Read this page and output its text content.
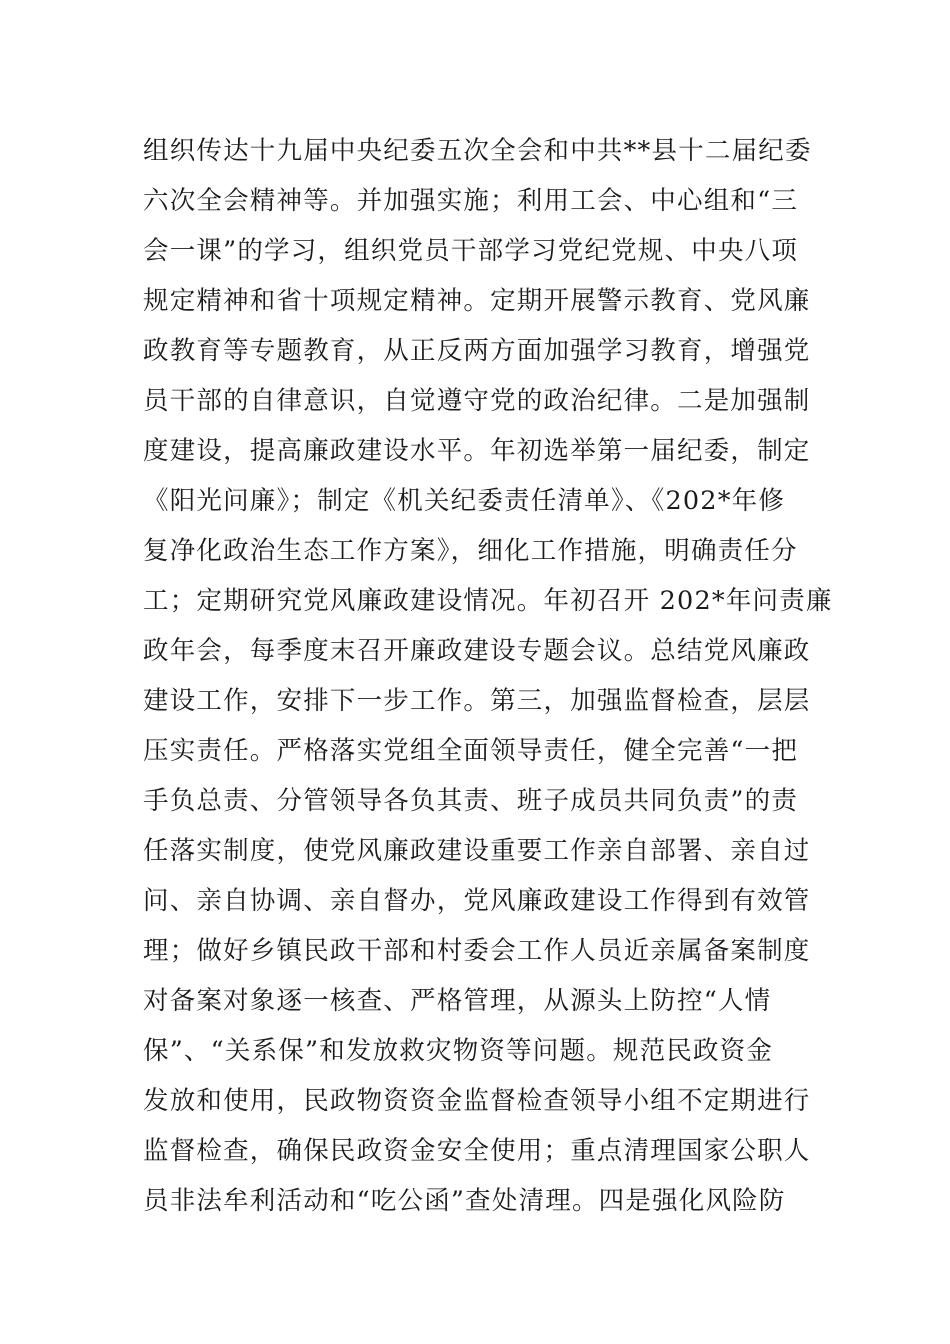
组织传达十九届中央纪委五次全会和中共**县十二届纪委
六次全会精神等。并加强实施；利用工会、中心组和“三
会一课”的学习，组织党员干部学习党纪党规、中央八项
规定精神和省十项规定精神。定期开展警示教育、党风廉
政教育等专题教育，从正反两方面加强学习教育，增强党
员干部的自律意识，自觉遵守党的政治纪律。二是加强制
度建设，提高廉政建设水平。年初选举第一届纪委，制定
《阳光问廉》；制定《机关纪委责任清单》、《202*年修
复净化政治生态工作方案》，细化工作措施，明确责任分
工；定期研究党风廉政建设情况。年初召开 202*年问责廉
政年会，每季度末召开廉政建设专题会议。总结党风廉政
建设工作，安排下一步工作。第三，加强监督检查，层层
压实责任。严格落实党组全面领导责任，健全完善“一把
手负总责、分管领导各负其责、班子成员共同负责”的责
任落实制度，使党风廉政建设重要工作亲自部署、亲自过
问、亲自协调、亲自督办，党风廉政建设工作得到有效管
理；做好乡镇民政干部和村委会工作人员近亲属备案制度
对备案对象逐一核查、严格管理，从源头上防控“人情
保”、“关系保”和发放救灾物资等问题。规范民政资金
发放和使用，民政物资资金监督检查领导小组不定期进行
监督检查，确保民政资金安全使用；重点清理国家公职人
员非法牟利活动和“吃公函”查处清理。四是强化风险防
